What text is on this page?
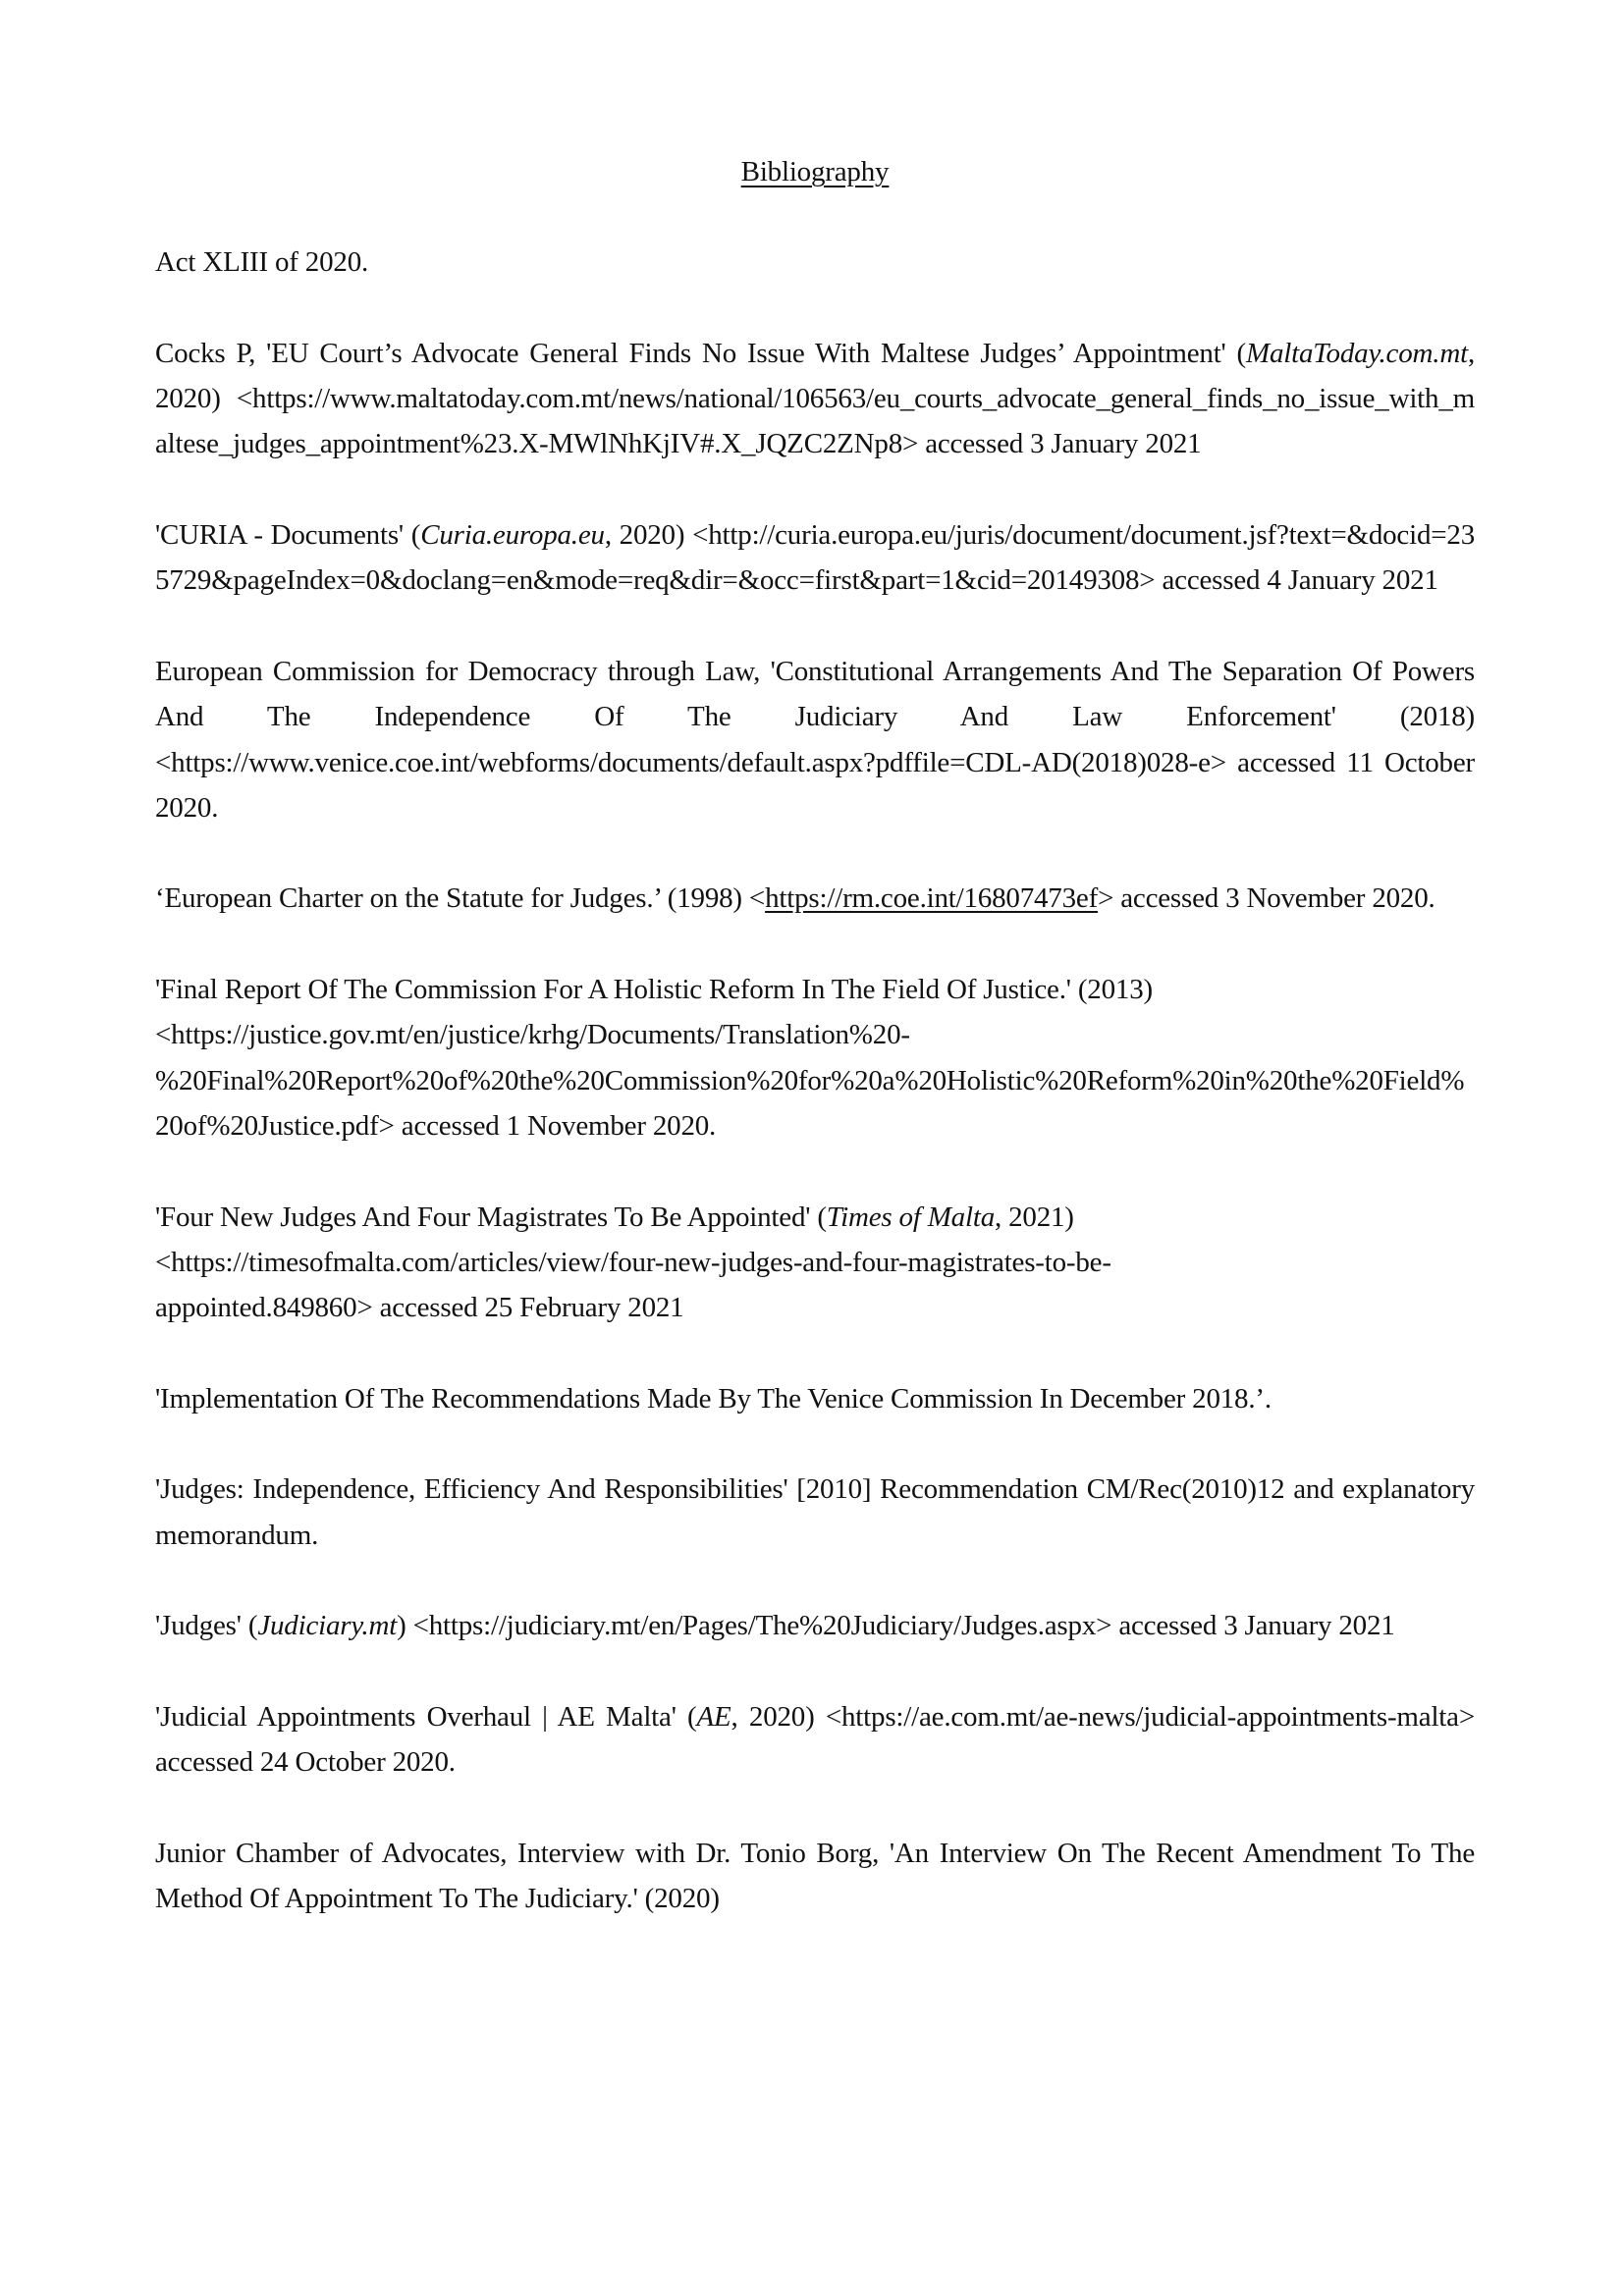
Bibliography

Act XLIII of 2020.

Cocks P, 'EU Court’s Advocate General Finds No Issue With Maltese Judges’ Appointment' (MaltaToday.com.mt, 2020) <https://www.maltatoday.com.mt/news/national/106563/eu_courts_advocate_general_finds_no_issue_with_maltese_judges_appointment%23.X-MWlNhKjIV#.X_JQZC2ZNp8> accessed 3 January 2021

'CURIA - Documents' (Curia.europa.eu, 2020) <http://curia.europa.eu/juris/document/document.jsf?text=&docid=235729&pageIndex=0&doclang=en&mode=req&dir=&occ=first&part=1&cid=20149308> accessed 4 January 2021

European Commission for Democracy through Law, 'Constitutional Arrangements And The Separation Of Powers And The Independence Of The Judiciary And Law Enforcement' (2018) <https://www.venice.coe.int/webforms/documents/default.aspx?pdffile=CDL-AD(2018)028-e> accessed 11 October 2020.

‘European Charter on the Statute for Judges.’ (1998) <https://rm.coe.int/16807473ef> accessed 3 November 2020.

'Final Report Of The Commission For A Holistic Reform In The Field Of Justice.' (2013)
<https://justice.gov.mt/en/justice/krhg/Documents/Translation%20-
%20Final%20Report%20of%20the%20Commission%20for%20a%20Holistic%20Reform%20in%20the%20Field%20of%20Justice.pdf> accessed 1 November 2020.

'Four New Judges And Four Magistrates To Be Appointed' (Times of Malta, 2021)
<https://timesofmalta.com/articles/view/four-new-judges-and-four-magistrates-to-be-
appointed.849860> accessed 25 February 2021

'Implementation Of The Recommendations Made By The Venice Commission In December 2018.’.

'Judges: Independence, Efficiency And Responsibilities' [2010] Recommendation CM/Rec(2010)12 and explanatory memorandum.

'Judges' (Judiciary.mt) <https://judiciary.mt/en/Pages/The%20Judiciary/Judges.aspx> accessed 3 January 2021

'Judicial Appointments Overhaul | AE Malta' (AE, 2020) <https://ae.com.mt/ae-news/judicial-appointments-malta> accessed 24 October 2020.

Junior Chamber of Advocates, Interview with Dr. Tonio Borg, 'An Interview On The Recent Amendment To The Method Of Appointment To The Judiciary.' (2020)
